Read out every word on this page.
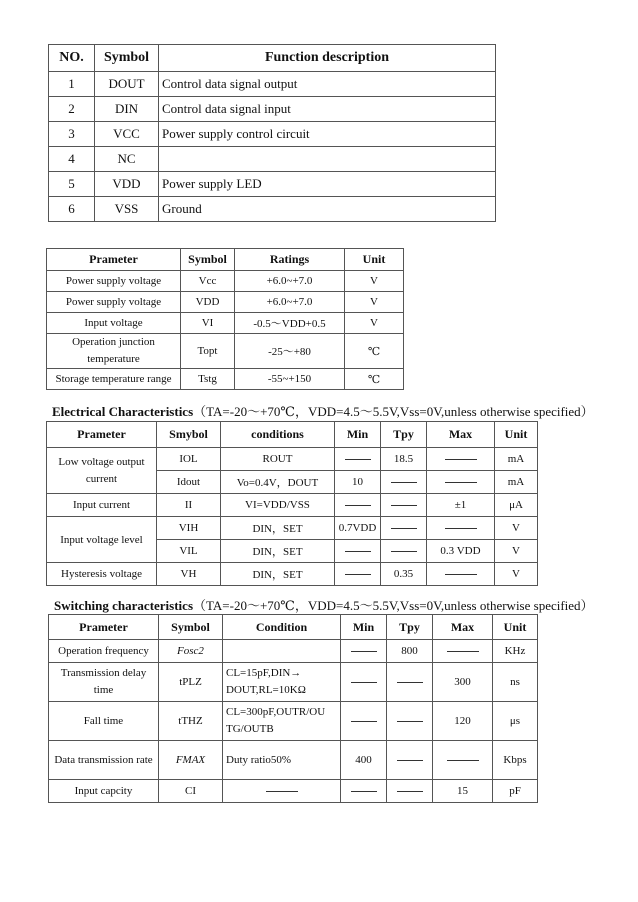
NO.	Symbol	Function description
1	DOUT	Control data signal output
2	DIN	Control data signal input
3	VCC	Power supply control circuit
4	NC	
5	VDD	Power supply LED
6	VSS	Ground
Prameter	Symbol	Ratings	Unit
Power supply voltage	Vcc	+6.0~+7.0	V
Power supply voltage	VDD	+6.0~+7.0	V
Input voltage	VI	-0.5～VDD+0.5	V
Operation junction temperature	Topt	-25～+80	℃
Storage temperature range	Tstg	-55~+150	℃
Electrical Characteristics（TA=-20～+70℃，VDD=4.5～5.5V,Vss=0V,unless otherwise specified）
Prameter	Smybol	conditions	Min	Tpy	Max	Unit
Low voltage output current	IOL	ROUT		18.5		mA
	Idout	Vo=0.4V，DOUT	10			mA
Input current	II	VI=VDD/VSS			±1	μA
Input voltage level	VIH	DIN，SET	0.7VDD			V
	VIL	DIN，SET			0.3 VDD	V
Hysteresis voltage	VH	DIN，SET		0.35		V
Switching characteristics（TA=-20～+70℃，VDD=4.5～5.5V,Vss=0V,unless otherwise specified）
Prameter	Symbol	Condition	Min	Tpy	Max	Unit
Operation frequency	Fosc2			800		KHz
Transmission delay time	tPLZ	CL=15pF,DIN→ DOUT,RL=10KΩ			300	ns
Fall time	tTHZ	CL=300pF,OUTR/OU TG/OUTB			120	μs
Data transmission rate	FMAX	Duty ratio50%	400			Kbps
Input capcity	CI				15	pF
